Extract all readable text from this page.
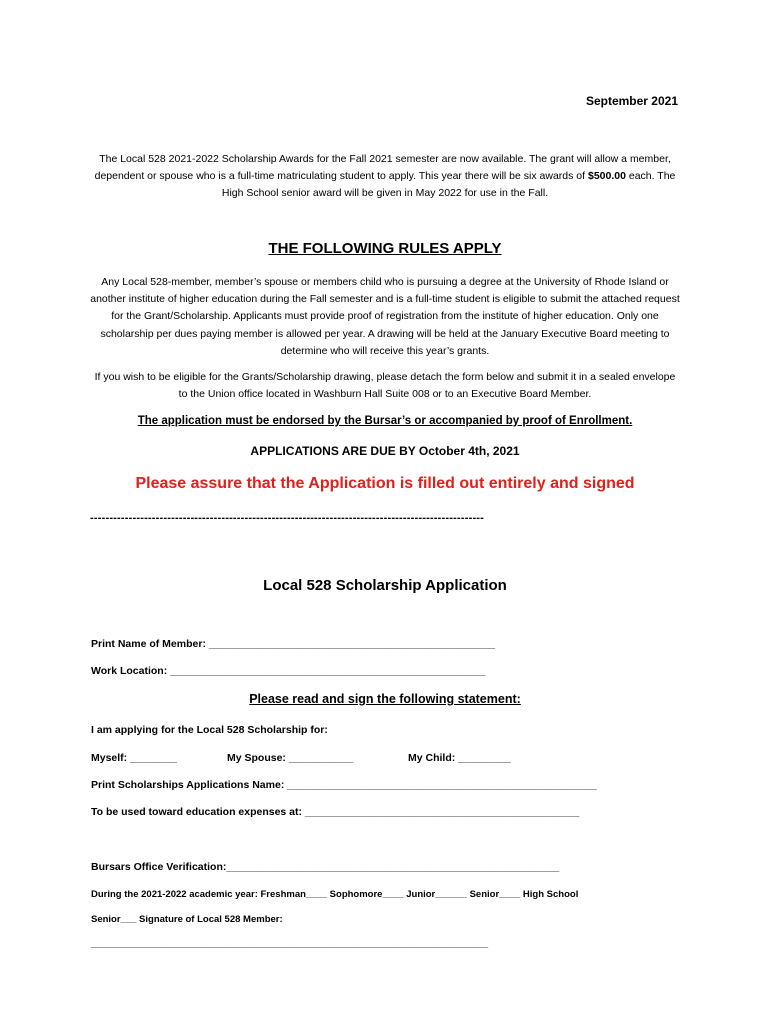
September 2021
The Local 528 2021-2022 Scholarship Awards for the Fall 2021 semester are now available. The grant will allow a member, dependent or spouse who is a full-time matriculating student to apply. This year there will be six awards of $500.00 each. The High School senior award will be given in May 2022 for use in the Fall.
THE FOLLOWING RULES APPLY
Any Local 528-member, member’s spouse or members child who is pursuing a degree at the University of Rhode Island or another institute of higher education during the Fall semester and is a full-time student is eligible to submit the attached request for the Grant/Scholarship. Applicants must provide proof of registration from the institute of higher education. Only one scholarship per dues paying member is allowed per year. A drawing will be held at the January Executive Board meeting to determine who will receive this year’s grants.
If you wish to be eligible for the Grants/Scholarship drawing, please detach the form below and submit it in a sealed envelope to the Union office located in Washburn Hall Suite 008 or to an Executive Board Member.
The application must be endorsed by the Bursar’s or accompanied by proof of Enrollment.
APPLICATIONS ARE DUE BY October 4th, 2021
Please assure that the Application is filled out entirely and signed
------------------------------------------------------------------------------------------------------
Local 528 Scholarship Application
Print Name of Member: _________________________________________________
Work Location: ______________________________________________________
Please read and sign the following statement:
I am applying for the Local 528 Scholarship for:
Myself: ________	My Spouse: ___________	My Child: _________
Print Scholarships Applications Name: _____________________________________________________
To be used toward education expenses at: _______________________________________________
Bursars Office Verification:_________________________________________________________
During the 2021-2022 academic year: Freshman____ Sophomore____ Junior______ Senior____ High School
Senior___ Signature of Local 528 Member:
____________________________________________________________________
